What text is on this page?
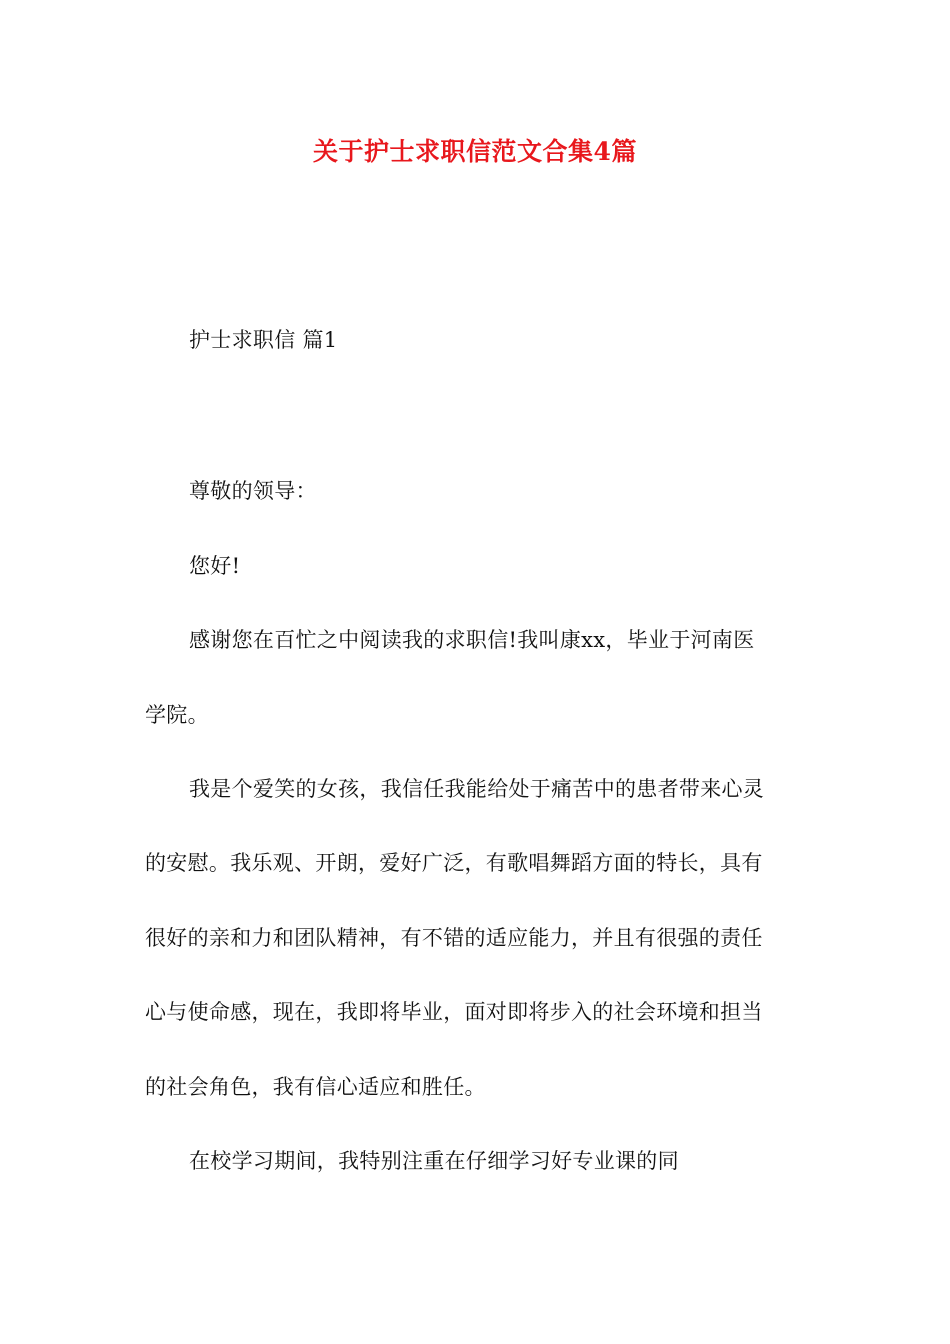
关于护士求职信范文合集4篇
护士求职信 篇1
尊敬的领导：
您好!
感谢您在百忙之中阅读我的求职信!我叫康xx，毕业于河南医
学院。
我是个爱笑的女孩，我信任我能给处于痛苦中的患者带来心灵
的安慰。我乐观、开朗，爱好广泛，有歌唱舞蹈方面的特长，具有
很好的亲和力和团队精神，有不错的适应能力，并且有很强的责任
心与使命感，现在，我即将毕业，面对即将步入的社会环境和担当
的社会角色，我有信心适应和胜任。
在校学习期间，我特别注重在仔细学习好专业课的同
